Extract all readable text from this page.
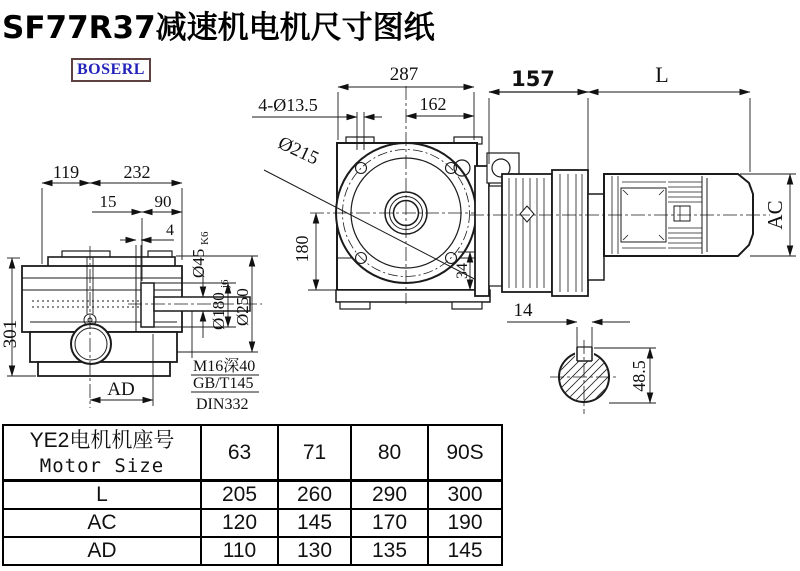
SF77R37减速机电机尺寸图纸
BOSERL
119 232
15 90
4
301
AD
Ø45
K6
Ø180
j6
Ø250
M16深40
GB/T145
DIN332
287
162
4-Ø13.5
Ø215
180
34
157	L
AC
14
48.5
YE2电机机座号
Motor Size	63	71	80	90S
L	205	260	290	300
AC	120	145	170	190
AD	110	130	135	145
